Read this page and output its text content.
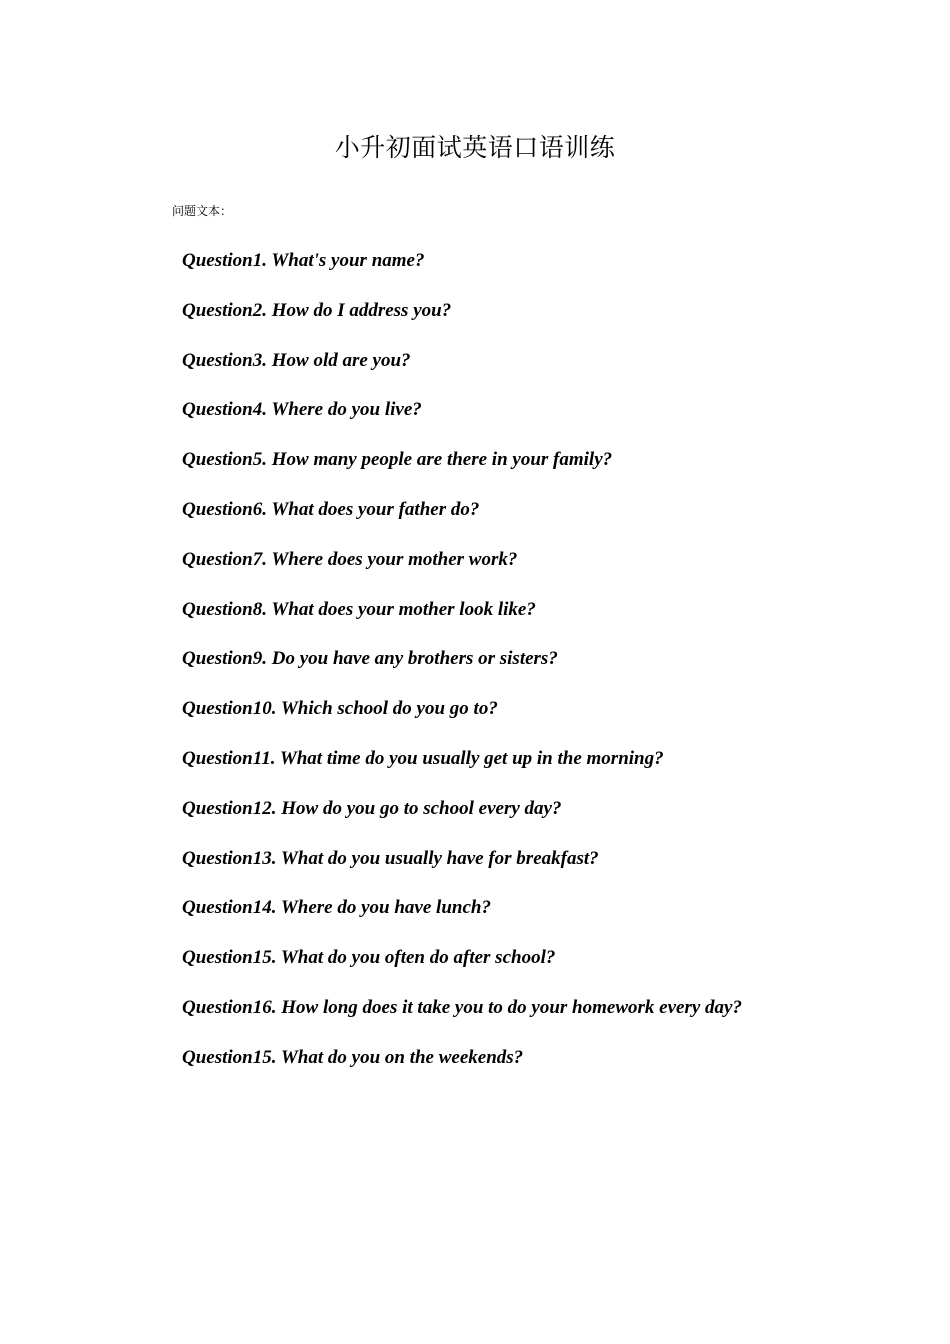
小升初面试英语口语训练

问题文本：

Question1. What's your name?
Question2. How do I address you?
Question3. How old are you?
Question4. Where do you live?
Question5. How many people are there in your family?
Question6. What does your father do?
Question7. Where does your mother work?
Question8. What does your mother look like?
Question9. Do you have any brothers or sisters?
Question10. Which school do you go to?
Question11. What time do you usually get up in the morning?
Question12. How do you go to school every day?
Question13. What do you usually have for breakfast?
Question14. Where do you have lunch?
Question15. What do you often do after school?
Question16. How long does it take you to do your homework every day?
Question15. What do you on the weekends?
